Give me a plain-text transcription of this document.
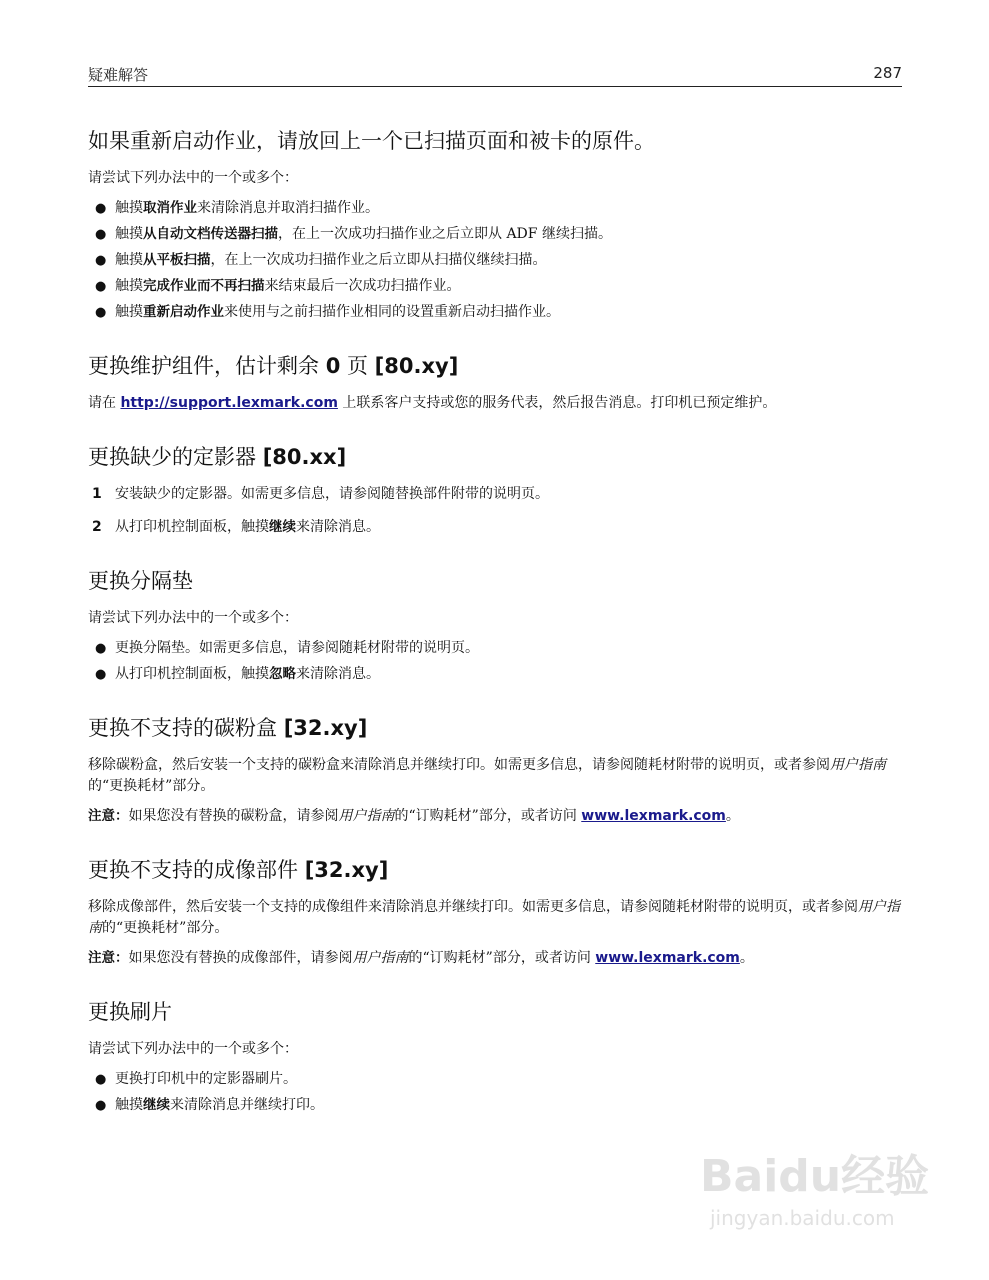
疑难解答	287
如果重新启动作业，请放回上一个已扫描页面和被卡的原件。

请尝试下列办法中的一个或多个：

● 触摸取消作业来清除消息并取消扫描作业。
● 触摸从自动文档传送器扫描，在上一次成功扫描作业之后立即从 ADF 继续扫描。
● 触摸从平板扫描，在上一次成功扫描作业之后立即从扫描仪继续扫描。
● 触摸完成作业而不再扫描来结束最后一次成功扫描作业。
● 触摸重新启动作业来使用与之前扫描作业相同的设置重新启动扫描作业。
更换维护组件，估计剩余 0 页 [80.xy]

请在 http://support.lexmark.com 上联系客户支持或您的服务代表，然后报告消息。打印机已预定维护。

更换缺少的定影器 [80.xx]
1 安装缺少的定影器。如需更多信息，请参阅随替换部件附带的说明页。
2 从打印机控制面板，触摸继续来清除消息。
更换分隔垫

请尝试下列办法中的一个或多个：

● 更换分隔垫。如需更多信息，请参阅随耗材附带的说明页。
● 从打印机控制面板，触摸忽略来清除消息。
更换不支持的碳粉盒 [32.xy]

移除碳粉盒，然后安装一个支持的碳粉盒来清除消息并继续打印。如需更多信息，请参阅随耗材附带的说明页，或者参阅用户指南的“更换耗材”部分。

注意：如果您没有替换的碳粉盒，请参阅用户指南的“订购耗材”部分，或者访问 www.lexmark.com。

更换不支持的成像部件 [32.xy]

移除成像部件，然后安装一个支持的成像组件来清除消息并继续打印。如需更多信息，请参阅随耗材附带的说明页，或者参阅用户指南的“更换耗材”部分。

注意：如果您没有替换的成像部件，请参阅用户指南的“订购耗材”部分，或者访问 www.lexmark.com。

更换刷片

请尝试下列办法中的一个或多个：

● 更换打印机中的定影器刷片。
● 触摸继续来清除消息并继续打印。
Baidu经验
jingyan.baidu.com
